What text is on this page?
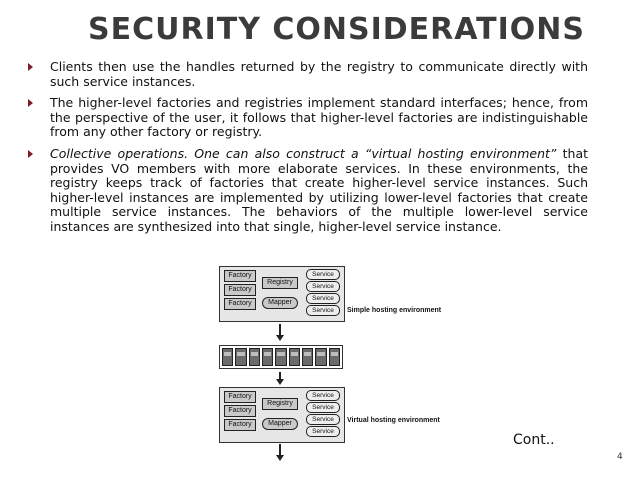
SECURITY CONSIDERATIONS
Clients then use the handles returned by the registry to communicate directly with such service instances.
The higher-level factories and registries implement standard interfaces; hence, from the perspective of the user, it follows that higher-level factories are indistinguishable from any other factory or registry.
Collective operations. One can also construct a “virtual hosting environment” that provides VO members with more elaborate services. In these environments, the registry keeps track of factories that create higher-level service instances. Such higher-level instances are implemented by utilizing lower-level factories that create multiple service instances. The behaviors of the multiple lower-level service instances are synthesized into that single, higher-level service instance.
Factory
Factory
Factory
Registry
Mapper
Service
Service
Service
Service	Simple hosting environment
Factory
Factory
Factory
Registry
Mapper
Service
Service
Service
Service
Virtual hosting environment
Cont..
4
